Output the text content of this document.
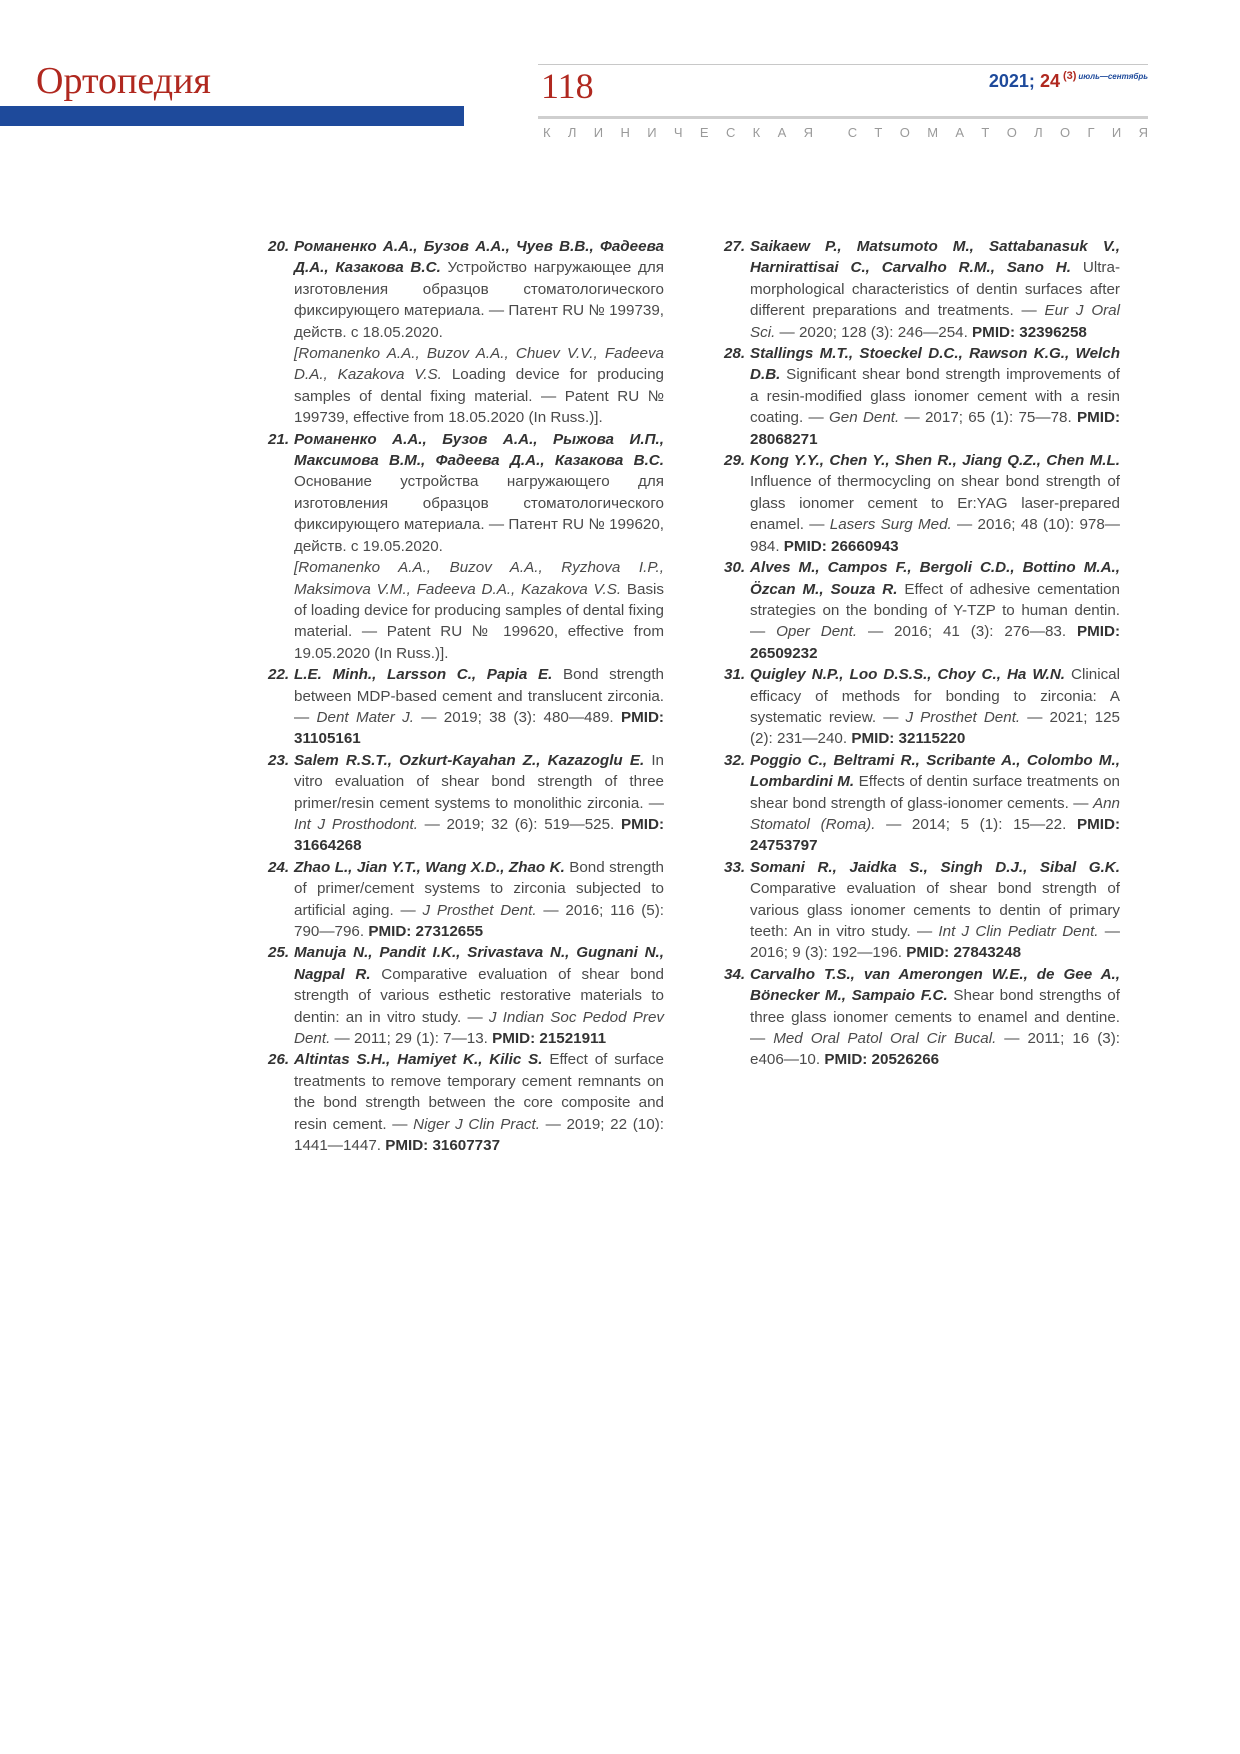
Ортопедия	118	2021; 24 $^{(3)}$ $^{июль—сентябрь}$
К Л И Н И Ч Е С К А Я	С Т О М А Т О Л О Г И Я

20. Романенко А.А., Бузов А.А., Чуев В.В., Фадеева Д.А., Казакова В.С. Устройство нагружающее для изготовления образцов стоматологического фиксирующего материала. — Патент RU № 199739, действ. с 18.05.2020.
[Romanenko A.A., Buzov A.A., Chuev V.V., Fadeeva D.A., Kazakova V.S. Loading device for producing samples of dental fixing material. — Patent RU № 199739, effective from 18.05.2020 (In Russ.)].

21. Романенко А.А., Бузов А.А., Рыжова И.П., Максимова В.М., Фадеева Д.А., Казакова В.С. Основание устройства нагружающего для изготовления образцов стоматологического фиксирующего материала. — Патент RU № 199620, действ. с 19.05.2020.
[Romanenko A.A., Buzov A.A., Ryzhova I.P., Maksimova V.M., Fadeeva D.A., Kazakova V.S. Basis of loading device for producing samples of dental fixing material. — Patent RU № 199620, effective from 19.05.2020 (In Russ.)].

22. L.E. Minh., Larsson C., Papia E. Bond strength between MDP-based cement and translucent zirconia. — Dent Mater J. — 2019; 38 (3): 480—489. PMID: 31105161

23. Salem R.S.T., Ozkurt-Kayahan Z., Kazazoglu E. In vitro evaluation of shear bond strength of three primer/resin cement systems to monolithic zirconia. — Int J Prosthodont. — 2019; 32 (6): 519—525. PMID: 31664268

24. Zhao L., Jian Y.T., Wang X.D., Zhao K. Bond strength of primer/cement systems to zirconia subjected to artificial aging. — J Prosthet Dent. — 2016; 116 (5): 790—796. PMID: 27312655

25. Manuja N., Pandit I.K., Srivastava N., Gugnani N., Nagpal R. Comparative evaluation of shear bond strength of various esthetic restorative materials to dentin: an in vitro study. — J Indian Soc Pedod Prev Dent. — 2011; 29 (1): 7—13. PMID: 21521911

26. Altintas S.H., Hamiyet K., Kilic S. Effect of surface treatments to remove temporary cement remnants on the bond strength between the core composite and resin cement. — Niger J Clin Pract. — 2019; 22 (10): 1441—1447. PMID: 31607737

27. Saikaew P., Matsumoto M., Sattabanasuk V., Harnirattisai C., Carvalho R.M., Sano H. Ultra-morphological characteristics of dentin surfaces after different preparations and treatments. — Eur J Oral Sci. — 2020; 128 (3): 246—254. PMID: 32396258

28. Stallings M.T., Stoeckel D.C., Rawson K.G., Welch D.B. Significant shear bond strength improvements of a resin-modified glass ionomer cement with a resin coating. — Gen Dent. — 2017; 65 (1): 75—78. PMID: 28068271

29. Kong Y.Y., Chen Y., Shen R., Jiang Q.Z., Chen M.L. Influence of thermocycling on shear bond strength of glass ionomer cement to Er:YAG laser-prepared enamel. — Lasers Surg Med. — 2016; 48 (10): 978—984. PMID: 26660943

30. Alves M., Campos F., Bergoli C.D., Bottino M.A., Özcan M., Souza R. Effect of adhesive cementation strategies on the bonding of Y-TZP to human dentin. — Oper Dent. — 2016; 41 (3): 276—83. PMID: 26509232

31. Quigley N.P., Loo D.S.S., Choy C., Ha W.N. Clinical efficacy of methods for bonding to zirconia: A systematic review. — J Prosthet Dent. — 2021; 125 (2): 231—240. PMID: 32115220

32. Poggio C., Beltrami R., Scribante A., Colombo M., Lombardini M. Effects of dentin surface treatments on shear bond strength of glass-ionomer cements. — Ann Stomatol (Roma). — 2014; 5 (1): 15—22. PMID: 24753797

33. Somani R., Jaidka S., Singh D.J., Sibal G.K. Comparative evaluation of shear bond strength of various glass ionomer cements to dentin of primary teeth: An in vitro study. — Int J Clin Pediatr Dent. — 2016; 9 (3): 192—196. PMID: 27843248

34. Carvalho T.S., van Amerongen W.E., de Gee A., Bönecker M., Sampaio F.C. Shear bond strengths of three glass ionomer cements to enamel and dentine. — Med Oral Patol Oral Cir Bucal. — 2011; 16 (3): e406—10. PMID: 20526266
